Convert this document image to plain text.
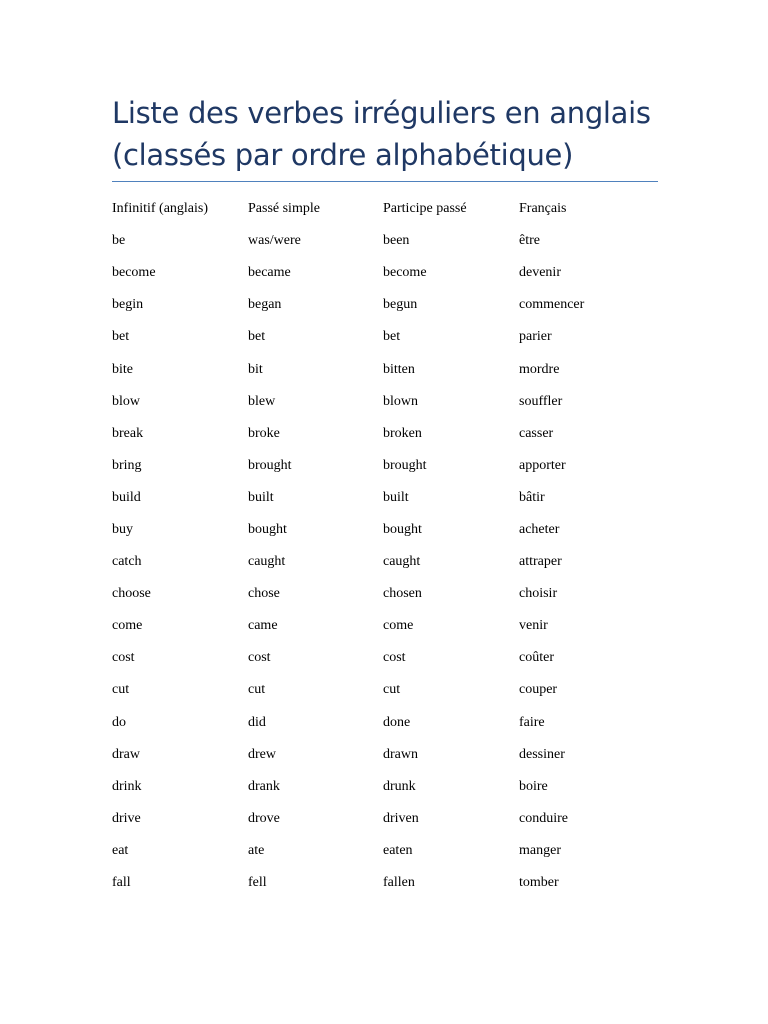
Liste des verbes irréguliers en anglais
(classés par ordre alphabétique)
Infinitif (anglais)	Passé simple	Participe passé	Français
be	was/were	been	être
become	became	become	devenir
begin	began	begun	commencer
bet	bet	bet	parier
bite	bit	bitten	mordre
blow	blew	blown	souffler
break	broke	broken	casser
bring	brought	brought	apporter
build	built	built	bâtir
buy	bought	bought	acheter
catch	caught	caught	attraper
choose	chose	chosen	choisir
come	came	come	venir
cost	cost	cost	coûter
cut	cut	cut	couper
do	did	done	faire
draw	drew	drawn	dessiner
drink	drank	drunk	boire
drive	drove	driven	conduire
eat	ate	eaten	manger
fall	fell	fallen	tomber
